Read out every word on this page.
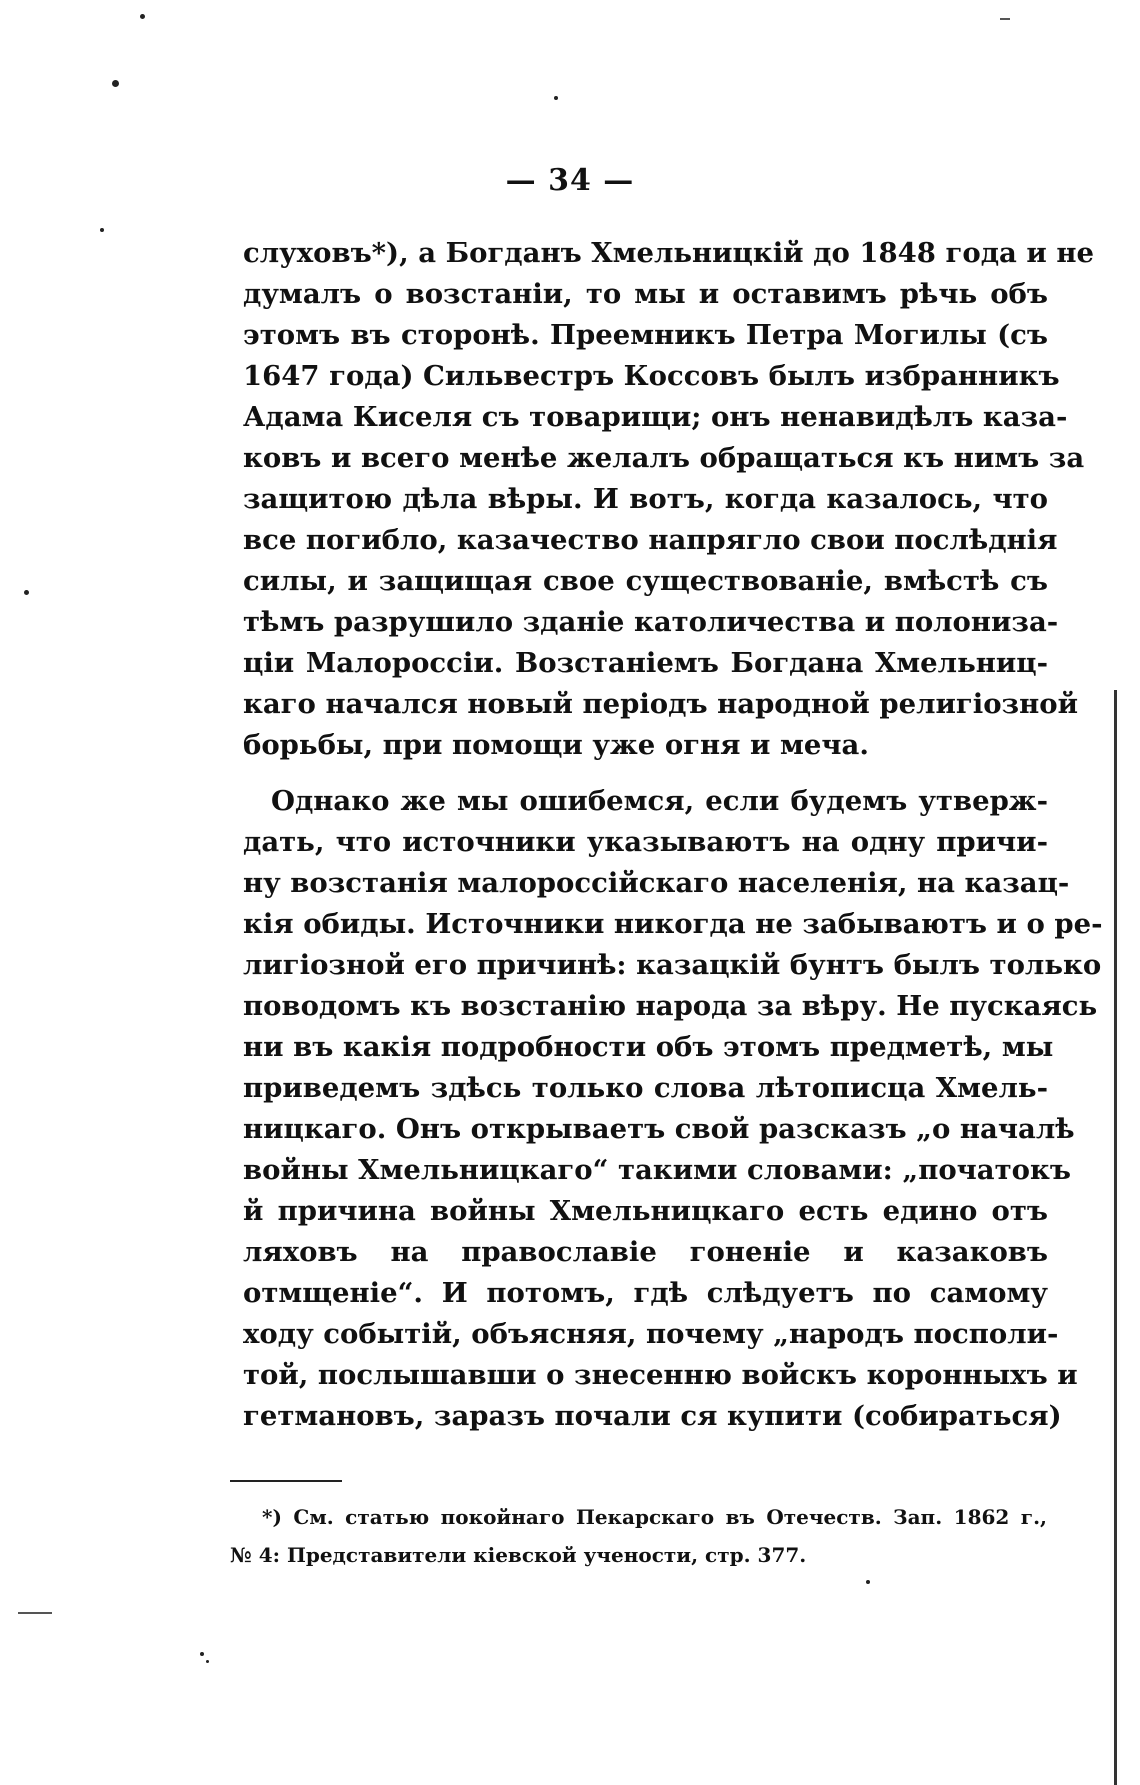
— 34 —
слуховъ*), а Богданъ Хмельницкій до 1848 года и не
думалъ о возстаніи, то мы и оставимъ рѣчь объ
этомъ въ сторонѣ. Преемникъ Петра Могилы (съ
1647 года) Сильвестръ Коссовъ былъ избранникъ
Адама Киселя съ товарищи; онъ ненавидѣлъ каза-
ковъ и всего менѣе желалъ обращаться къ нимъ за
защитою дѣла вѣры. И вотъ, когда казалось, что
все погибло, казачество напрягло свои послѣднія
силы, и защищая свое существованіе, вмѣстѣ съ
тѣмъ разрушило зданіе католичества и полониза-
ціи Малороссіи. Возстаніемъ Богдана Хмельниц-
каго начался новый періодъ народной религіозной
борьбы, при помощи уже огня и меча.
Однако же мы ошибемся, если будемъ утверж-
дать, что источники указываютъ на одну причи-
ну возстанія малороссійскаго населенія, на казац-
кія обиды. Источники никогда не забываютъ и о ре-
лигіозной его причинѣ: казацкій бунтъ былъ только
поводомъ къ возстанію народа за вѣру. Не пускаясь
ни въ какія подробности объ этомъ предметѣ, мы
приведемъ здѣсь только слова лѣтописца Хмель-
ницкаго. Онъ открываетъ свой разсказъ „о началѣ
войны Хмельницкаго“ такими словами: „початокъ
й причина войны Хмельницкаго есть едино отъ
ляховъ на православіе гоненіе и казаковъ
отмщеніе“. И потомъ, гдѣ слѣдуетъ по самому
ходу событій, объясняя, почему „народъ посполи-
той, послышавши о знесенню войскъ коронныхъ и
гетмановъ, заразъ почали ся купити (собираться)
*) См. статью покойнаго Пекарскаго въ Отечеств. Зап. 1862 г.,
№ 4: Представители кіевской учености, стр. 377.
